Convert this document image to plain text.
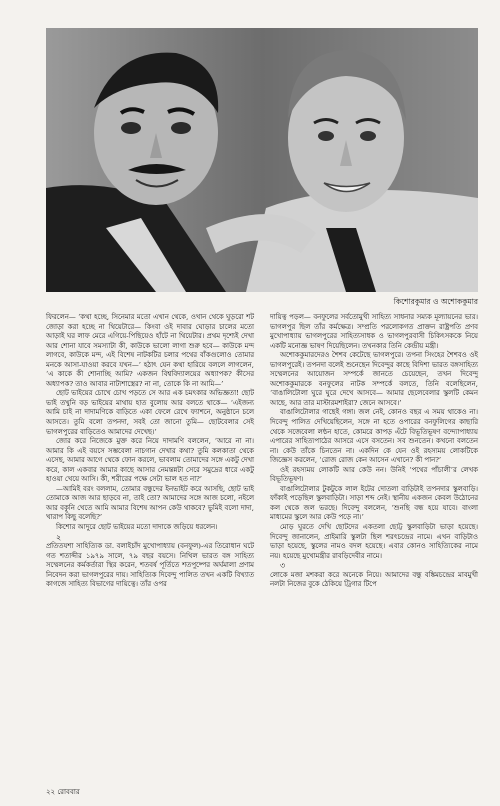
কিশোরকুমার ও অশোককুমার

ফিরলেন— ‘কথা হচ্ছে, সিনেমার মতো এখান থেকে, ওখান থেকে ঘুড়রো শট জোড়া করা হচ্ছে না থিয়েটারে— কিংবা ওই দাবার ঘোড়ার চালের মতো আড়াই ঘর লাফ মেরে এগিয়ে-পিছিয়েও হাঁটে না থিয়েটার। প্রথম দৃশ্যেই দেখা আর শোনা যাবে সমস্যাটা কী, কাউকে ভালো লাগা শুরু হবে— কাউকে মন্দ লাগবে, কাউকে মন্দ, এই বিশেষ নাটকটির চলার পথের বাঁকগুলোও তোমার মনকে আসা-যাওয়া করবে যখন—’ হঠাৎ যেন কথা হারিয়ে বললে লাগলেন, ‘এ কাকে কী শোনাচ্ছি আমি? একজন বিশ্ববিদ্যালয়ের অধ্যাপক? কীসের অধ্যাপক? তাও আবার নাট্যশাস্ত্রের? না না, তোকে কি না আমি—’

ছোট ভাইয়ের চোখে চোখ পড়তে সে আর এক চমৎকার অভিজ্ঞতা! ছোট ভাই তখুনি বড় ভাইয়ের মাথায় হাত বুলোয় আর বলতে থাকে— ‘এইজন্য আমি চাই না দাদামণিকে বাড়িতে একা ফেলে রেখে ফ্যাশনে, অনুষ্ঠানে চলে আসতে। তুমি বলো তপনদা, সবই তো জানো তুমি— ছোটবেলার সেই ভাগলপুরের বাড়িতেও আমাদের দেখেছ।’

জোর করে নিজেকে মুক্ত করে নিয়ে দাদামণি বললেন, ‘আরে না না। আমার কি এই বয়সে সম্ভবেলা নাচগান দেখার কথা? তুমি কলকাতা থেকে এসেছ, আমার আগে থেকে ফোন করলে, ভাবলাম তোমাদের সঙ্গে একটু দেখা করে, কাল একবার আমার কাছে আসার নেমন্তন্নটা সেরে সমুদ্রের ধারে একটু হাওয়া খেয়ে আসি। কী, শরীরের পক্ষে সেটা ভাল হত না?’

—আমিই বরং বললাম, তোমার বন্ধুদের ইনভাইট করে আসছি, ছোট ভাই তোমাকে আজ আর ছাড়বে না, তাই তো? আমাদের সঙ্গে আজ চলো, নইলে আর বকুনি খেতে আমি আমার বিশেষ আপন কেউ থাকবে? ভুমিই বলো দাদা, খারাপ কিছু বলেছি?’

কিশোর আদুরে ছোট ভাইয়ের মতো দাদাকে জড়িয়ে ধরলেন।

২

প্রতিতযশা সাহিত্যিক ডা. বলাইচাঁদ মুখোপাধ্যায় (বনফুল)-এর তিরোধান ঘটে গত শতাব্দীর ১৯৭৯ সালে, ৭৯ বছর বয়সে। নিখিল ভারত বঙ্গ সাহিত্য সম্মেলনের কর্মকর্তারা স্থির করেন, শতবর্ষ পূর্তিতে শতপুষ্পের অর্ঘমালা প্রণাম নিবেদন করা ভাগলপুরের দায়। সাহিত্যিক দিবেন্দু পালিত তখন একটি বিখ্যাত কাগজে সাহিত্য বিভাগের দায়িত্বে। তাঁর ওপর

দায়িত্ব পড়ল— বনফুলের সর্বতোমুখী সাহিত্য সাধনার সম্যক মূল্যায়নের ভার। ভাগলপুর ছিল তাঁর কর্মক্ষেত্র। সম্প্রতি পরলোকগত প্রাক্তন রাষ্ট্রপতি প্রণব মুখোপাধ্যায় ভাগলপুরের সাহিত্যসাধক ও ভাগলপুরবাসী চিকিৎসককে নিয়ে একটি মনোজ্ঞ ভাষণ দিয়েছিলেন। তখনকার তিনি কেন্দ্রীয় মন্ত্রী।

অশোককুমারদেরও শৈশব কেটেছে ভাগলপুরে। তপনা সিংহের শৈশবও ওই ভাগলপুরেই। তপনদা বলেই শুনেছেন দিবেন্দুর কাছে বিদিশা ভারত বঙ্গসাহিত্য সম্মেলনের আয়োজন সম্পর্কে জানতে চেয়েছেন, তখন দিবেন্দু অশোককুমারকে বনফুলের নাটক সম্পর্কে বলতে, তিনি বলেছিলেন, ‘বাঙালিটোলা ঘুরে ঘুরে দেখে আসবে— আমার ছেলেবেলার স্কুলটি কেমন আছে, আর তার মাস্টারমশাইরা? জেনে আসবে।’

বাঙালিটোলার গাছেই গঙ্গা। জল নেই, কোনও বছর এ সময় থাকেও না। দিবেন্দু পালিত দেখিয়েছিলেন, সঙ্গে না হতে ওপারের বনফুলিগের কাছারি থেকে সজেবেলা লন্ঠন হাতে, কোমরে কাপড় এঁটে বিভূতিভূষণ বন্দ্যোপাধ্যায় এপারের সাহিত্যপাঠের আসরে এসে বসতেন। সব শুনতেন। কখনো বলতেন না। কেউ তাঁকে চিনতেন না। একদিন কে যেন ওই রহস্যময় লোকটিকে জিজ্ঞেস করলেন, ‘রোজ রোজ কেন আসেন এখানে? কী পান?’

ওই রহস্যময় লোকটি আর কেউ নন। উনিই ‘পথের পাঁচালী’র লেখক বিভূতিভূষণ।

বাঙালিটোলার টুকটুকে লাল ইটের দোতলা বাড়িটাই তপনদার স্কুলবাড়ি। ফাঁকাই পড়েছিল স্কুলবাড়িটা। সাড়া শব্দ নেই। স্থানীয় একজন কেবল উঠোনের কল থেকে জল ভরছে। দিবেন্দু বললেন, ‘শুনছি বন্ধ হয়ে যাবে। বাংলা মাধ্যমের স্কুলে আর কেউ পড়ে না।’

মোড় ঘুরতে দেখি ছোটদের একতলা ছোট্ট স্কুলবাড়িটা ভাড়া হয়েছে। দিবেন্দু জানালেন, প্রাইমারি স্কুলটা ছিল শরৎচন্দ্রের নামে। এখন বাড়িটাও ভাড়া হয়েছে, স্কুলের নামও বদল হয়েছে। এবার কোনও সাহিত্যিকের নামে নয়। হয়েছে মুখোমন্ত্রীর রাবড়িদেবীর নামে।

৩

লোকে মজা মশকরা করে অনেকে নিয়ে। আমাদের বন্ধু বঙ্কিমচন্দ্রের মাবমুখী নলটা নিজের বুকে ঠেকিয়ে ট্রিগার টিপে

২২ রোববার
